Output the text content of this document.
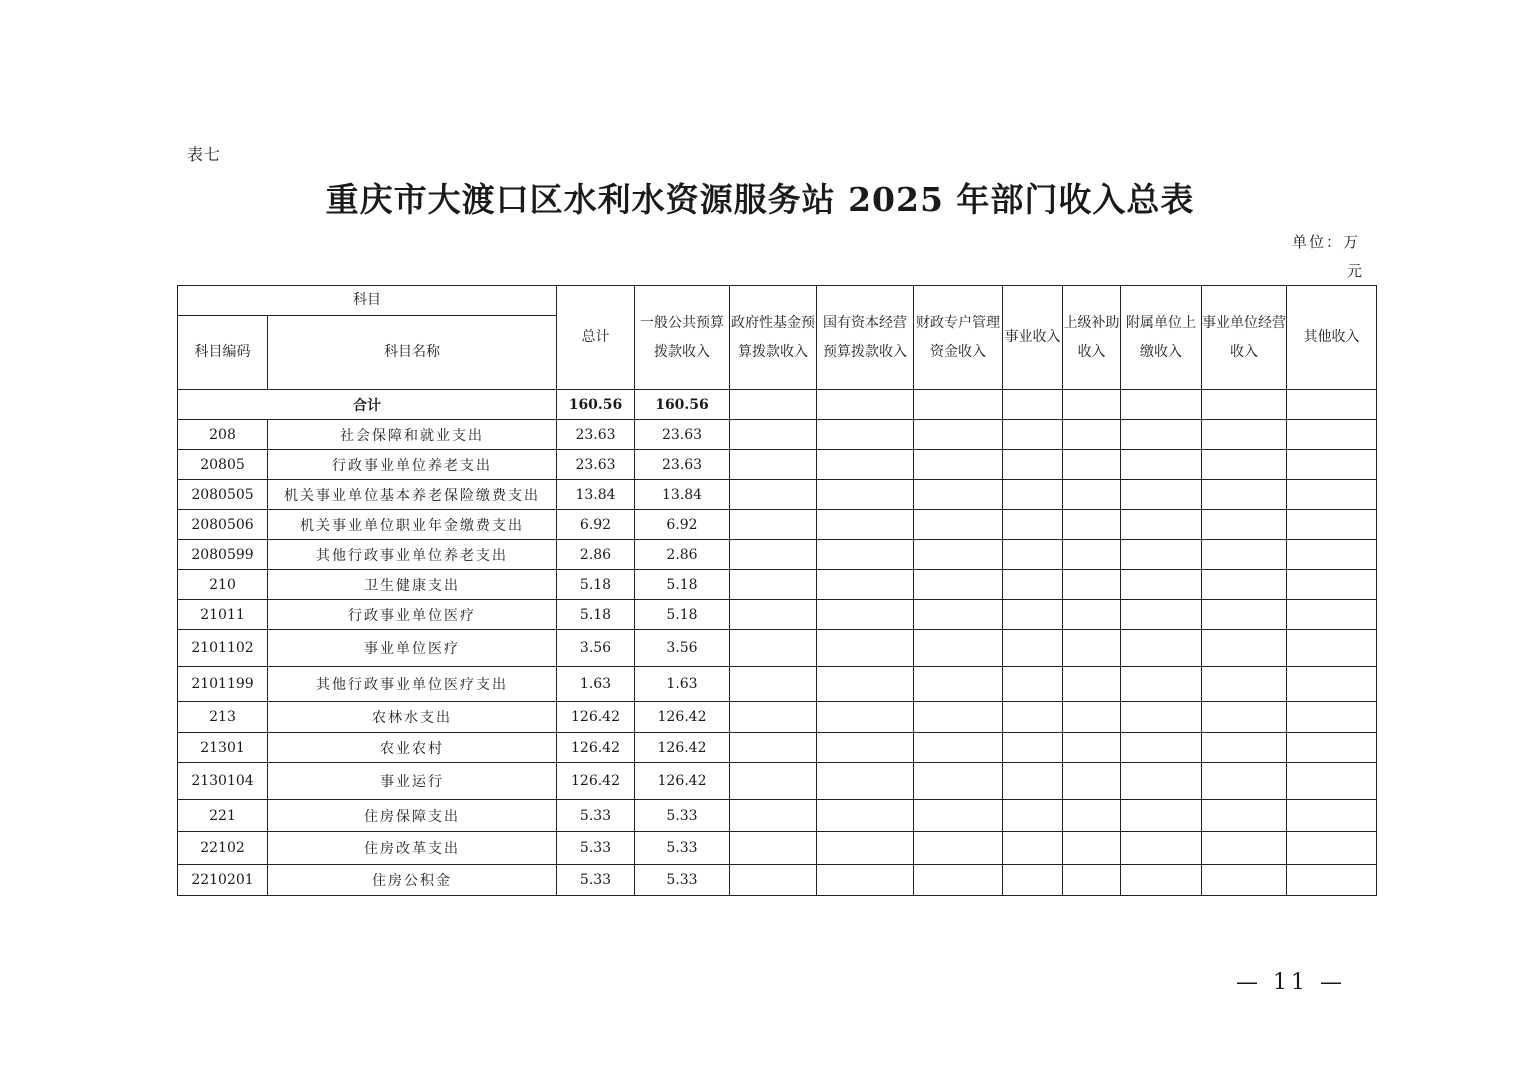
表七
重庆市大渡口区水利水资源服务站 2025 年部门收入总表
单位：万
元
科目		总计	一般公共预算拨款收入	政府性基金预算拨款收入	国有资本经营预算拨款收入	财政专户管理资金收入	事业收入	上级补助收入	附属单位上缴收入	事业单位经营收入	其他收入
科目编码	科目名称										
合计		160.56	160.56								
208	社会保障和就业支出	23.63	23.63								
20805	行政事业单位养老支出	23.63	23.63								
2080505	机关事业单位基本养老保险缴费支出	13.84	13.84								
2080506	机关事业单位职业年金缴费支出	6.92	6.92								
2080599	其他行政事业单位养老支出	2.86	2.86								
210	卫生健康支出	5.18	5.18								
21011	行政事业单位医疗	5.18	5.18								
2101102	事业单位医疗	3.56	3.56								
2101199	其他行政事业单位医疗支出	1.63	1.63								
213	农林水支出	126.42	126.42								
21301	农业农村	126.42	126.42								
2130104	事业运行	126.42	126.42								
221	住房保障支出	5.33	5.33								
22102	住房改革支出	5.33	5.33								
2210201	住房公积金	5.33	5.33								
— 11 —
